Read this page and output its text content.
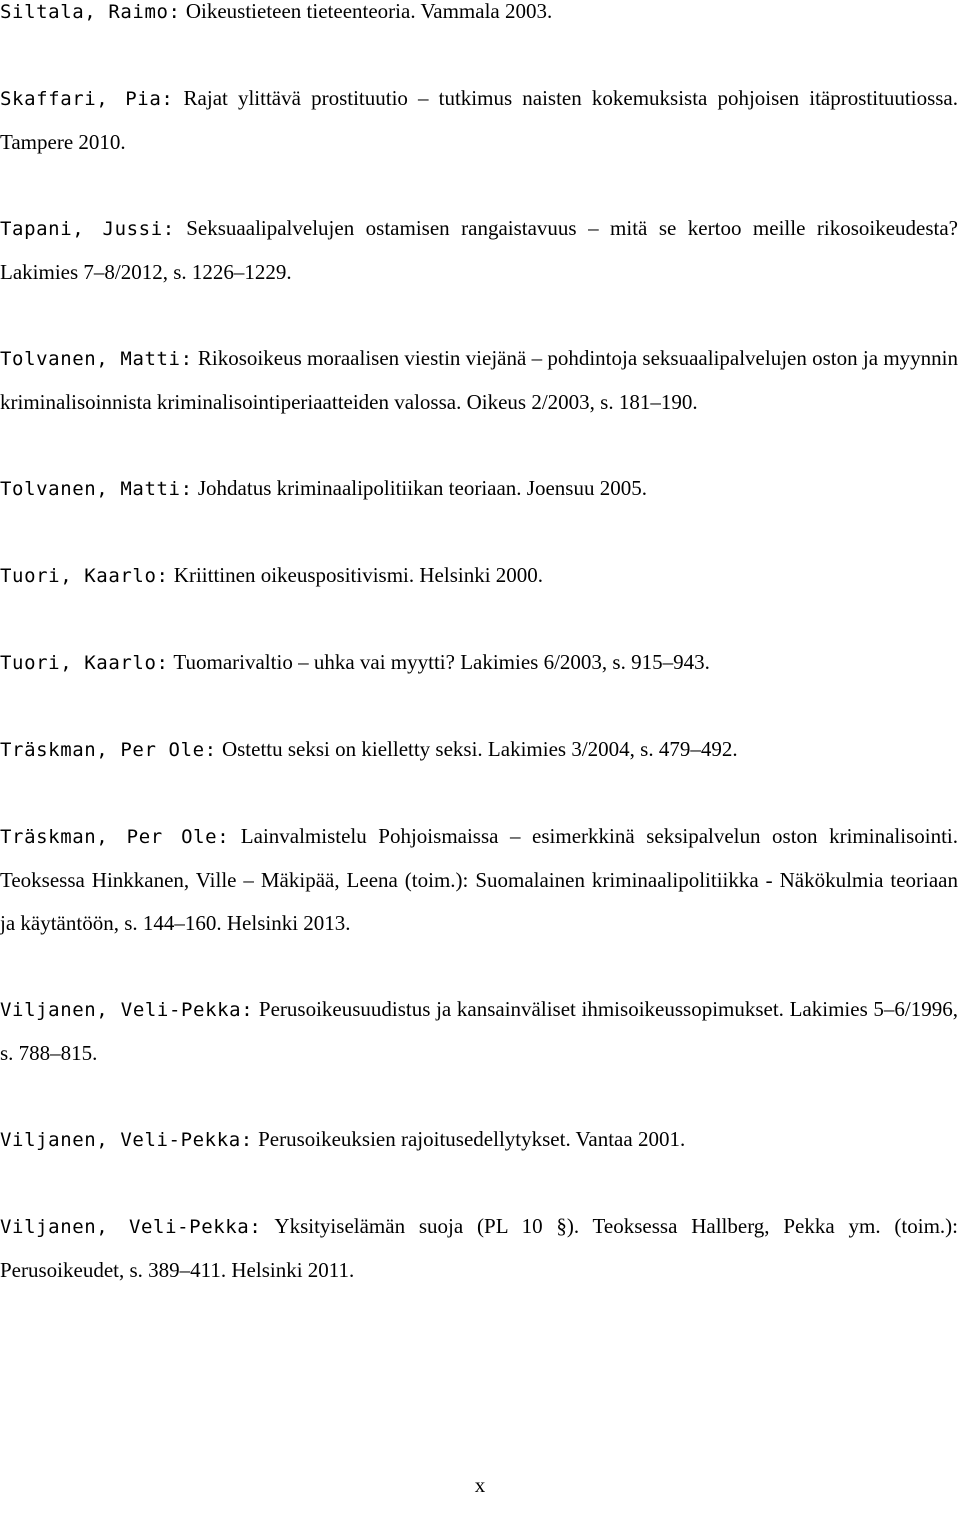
Siltala, Raimo: Oikeustieteen tieteenteoria. Vammala 2003.

Skaffari, Pia: Rajat ylittävä prostituutio – tutkimus naisten kokemuksista pohjoisen itäprostituutiossa. Tampere 2010.

Tapani, Jussi: Seksuaalipalvelujen ostamisen rangaistavuus – mitä se kertoo meille rikosoikeudesta? Lakimies 7–8/2012, s. 1226–1229.

Tolvanen, Matti: Rikosoikeus moraalisen viestin viejänä – pohdintoja seksuaalipalvelujen oston ja myynnin kriminalisoinnista kriminalisointiperiaatteiden valossa. Oikeus 2/2003, s. 181–190.

Tolvanen, Matti: Johdatus kriminaalipolitiikan teoriaan. Joensuu 2005.

Tuori, Kaarlo: Kriittinen oikeuspositivismi. Helsinki 2000.

Tuori, Kaarlo: Tuomarivaltio – uhka vai myytti? Lakimies 6/2003, s. 915–943.

Träskman, Per Ole: Ostettu seksi on kielletty seksi. Lakimies 3/2004, s. 479–492.

Träskman, Per Ole: Lainvalmistelu Pohjoismaissa – esimerkkinä seksipalvelun oston kriminalisointi. Teoksessa Hinkkanen, Ville – Mäkipää, Leena (toim.): Suomalainen kriminaalipolitiikka - Näkökulmia teoriaan ja käytäntöön, s. 144–160. Helsinki 2013.

Viljanen, Veli-Pekka: Perusoikeusuudistus ja kansainväliset ihmisoikeussopimukset. Lakimies 5–6/1996, s. 788–815.

Viljanen, Veli-Pekka: Perusoikeuksien rajoitusedellytykset. Vantaa 2001.

Viljanen, Veli-Pekka: Yksityiselämän suoja (PL 10 §). Teoksessa Hallberg, Pekka ym. (toim.): Perusoikeudet, s. 389–411. Helsinki 2011.

x
